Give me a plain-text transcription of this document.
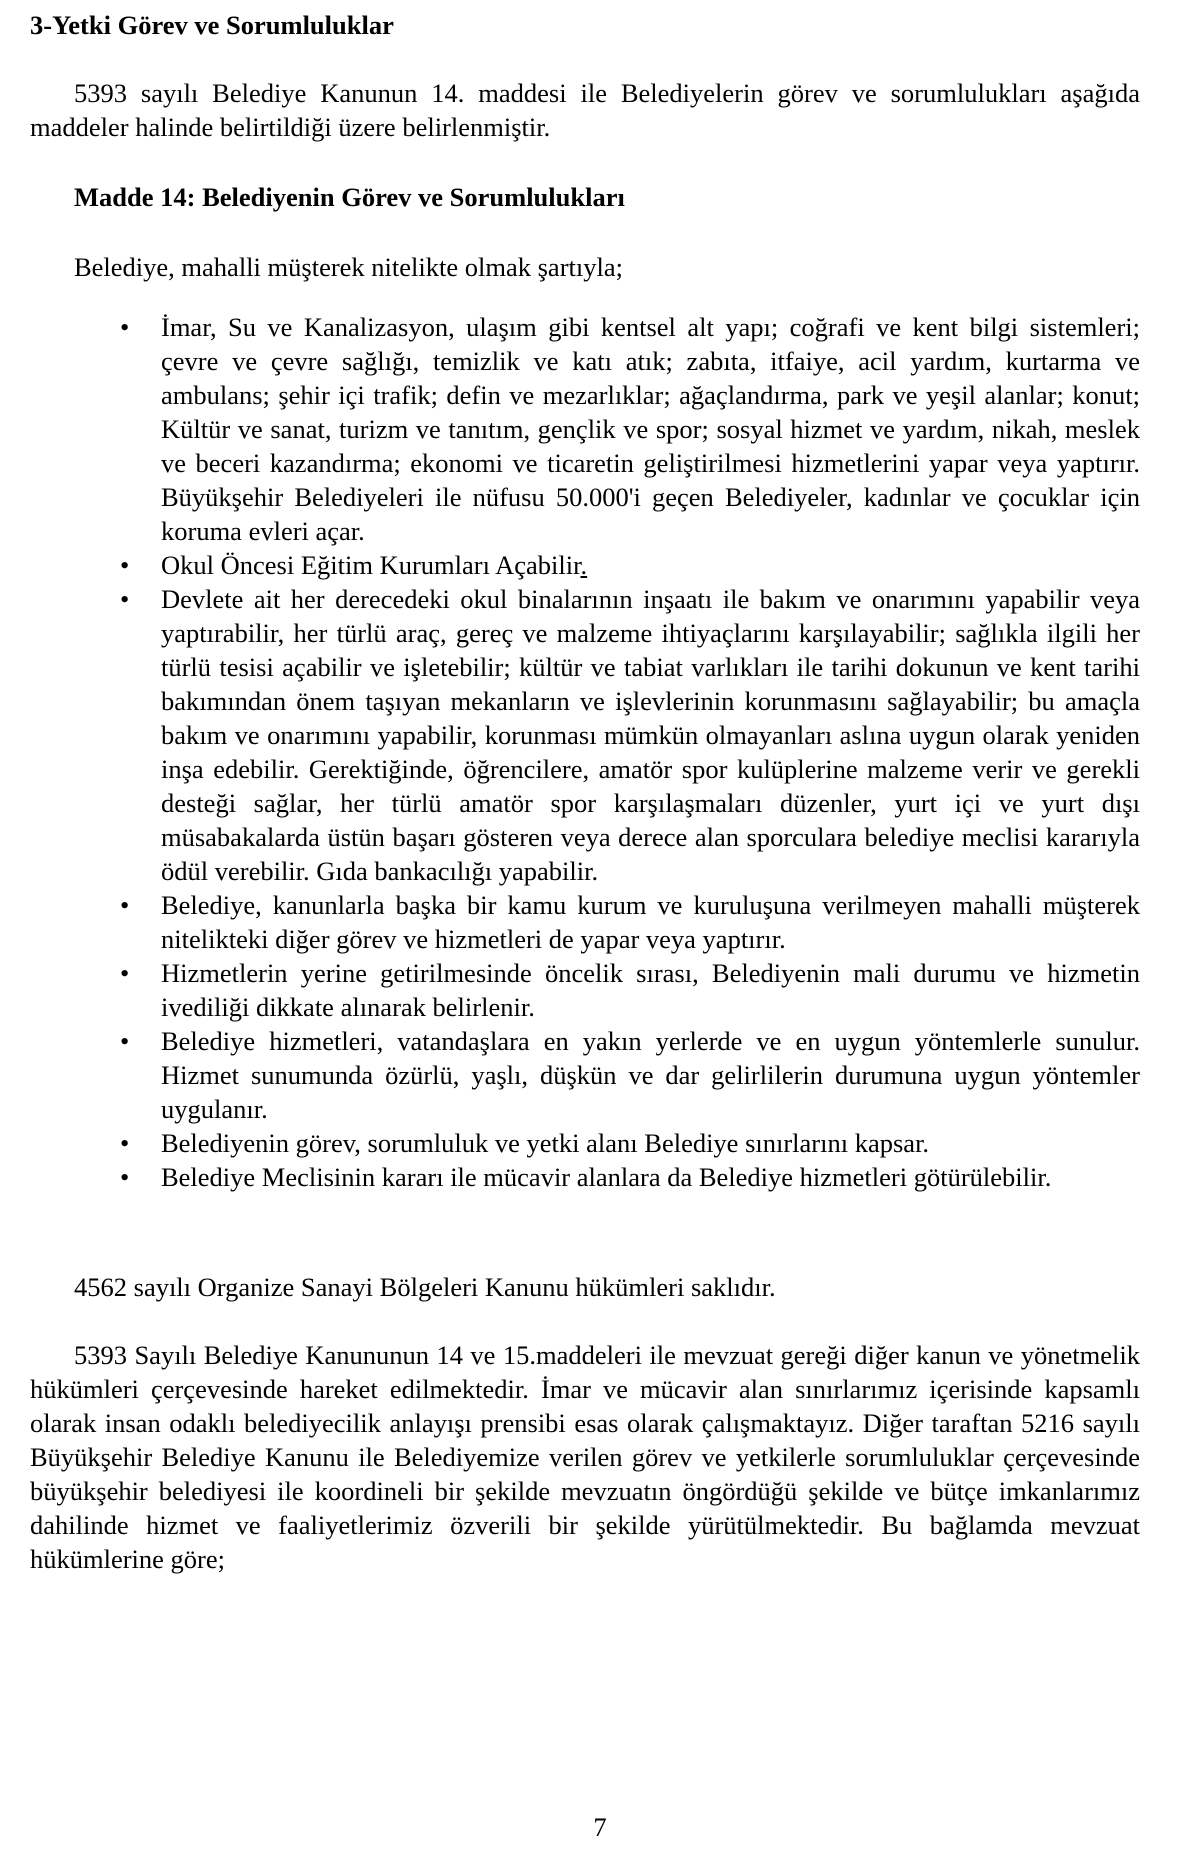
3-Yetki Görev ve Sorumluluklar

5393 sayılı Belediye Kanunun 14. maddesi ile Belediyelerin görev ve sorumlulukları aşağıda maddeler halinde belirtildiği üzere belirlenmiştir.

Madde 14: Belediyenin Görev ve Sorumlulukları

Belediye, mahalli müşterek nitelikte olmak şartıyla;

•	İmar, Su ve Kanalizasyon, ulaşım gibi kentsel alt yapı; coğrafi ve kent bilgi sistemleri; çevre ve çevre sağlığı, temizlik ve katı atık; zabıta, itfaiye, acil yardım, kurtarma ve ambulans; şehir içi trafik; defin ve mezarlıklar; ağaçlandırma, park ve yeşil alanlar; konut; Kültür ve sanat, turizm ve tanıtım, gençlik ve spor; sosyal hizmet ve yardım, nikah, meslek ve beceri kazandırma; ekonomi ve ticaretin geliştirilmesi hizmetlerini yapar veya yaptırır. Büyükşehir Belediyeleri ile nüfusu 50.000'i geçen Belediyeler, kadınlar ve çocuklar için koruma evleri açar.
•	Okul Öncesi Eğitim Kurumları Açabilir.
•	Devlete ait her derecedeki okul binalarının inşaatı ile bakım ve onarımını yapabilir veya yaptırabilir, her türlü araç, gereç ve malzeme ihtiyaçlarını karşılayabilir; sağlıkla ilgili her türlü tesisi açabilir ve işletebilir; kültür ve tabiat varlıkları ile tarihi dokunun ve kent tarihi bakımından önem taşıyan mekanların ve işlevlerinin korunmasını sağlayabilir; bu amaçla bakım ve onarımını yapabilir, korunması mümkün olmayanları aslına uygun olarak yeniden inşa edebilir. Gerektiğinde, öğrencilere, amatör spor kulüplerine malzeme verir ve gerekli desteği sağlar, her türlü amatör spor karşılaşmaları düzenler, yurt içi ve yurt dışı müsabakalarda üstün başarı gösteren veya derece alan sporculara belediye meclisi kararıyla ödül verebilir. Gıda bankacılığı yapabilir.
•	Belediye, kanunlarla başka bir kamu kurum ve kuruluşuna verilmeyen mahalli müşterek nitelikteki diğer görev ve hizmetleri de yapar veya yaptırır.
•	Hizmetlerin yerine getirilmesinde öncelik sırası, Belediyenin mali durumu ve hizmetin ivediliği dikkate alınarak belirlenir.
•	Belediye hizmetleri, vatandaşlara en yakın yerlerde ve en uygun yöntemlerle sunulur. Hizmet sunumunda özürlü, yaşlı, düşkün ve dar gelirlilerin durumuna uygun yöntemler uygulanır.
•	Belediyenin görev, sorumluluk ve yetki alanı Belediye sınırlarını kapsar.
•	Belediye Meclisinin kararı ile mücavir alanlara da Belediye hizmetleri götürülebilir.

4562 sayılı Organize Sanayi Bölgeleri Kanunu hükümleri saklıdır.

5393 Sayılı Belediye Kanununun 14 ve 15.maddeleri ile mevzuat gereği diğer kanun ve yönetmelik hükümleri çerçevesinde hareket edilmektedir. İmar ve mücavir alan sınırlarımız içerisinde kapsamlı olarak insan odaklı belediyecilik anlayışı prensibi esas olarak çalışmaktayız. Diğer taraftan 5216 sayılı Büyükşehir Belediye Kanunu ile Belediyemize verilen görev ve yetkilerle sorumluluklar çerçevesinde büyükşehir belediyesi ile koordineli bir şekilde mevzuatın öngördüğü şekilde ve bütçe imkanlarımız dahilinde hizmet ve faaliyetlerimiz özverili bir şekilde yürütülmektedir. Bu bağlamda mevzuat hükümlerine göre;

7
